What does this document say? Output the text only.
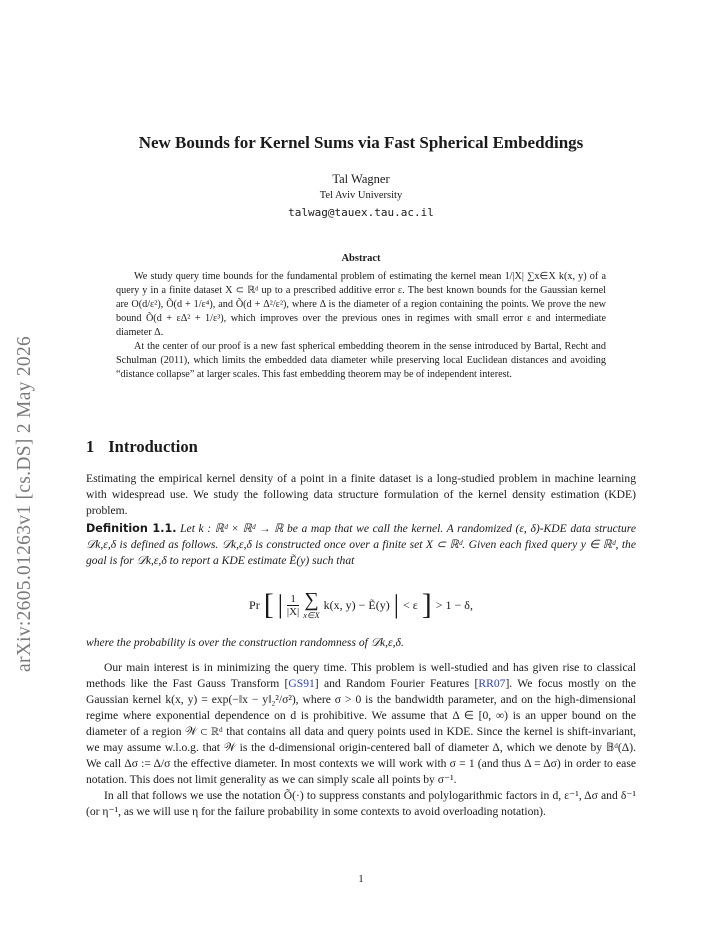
arXiv:2605.01263v1 [cs.DS] 2 May 2026
New Bounds for Kernel Sums via Fast Spherical Embeddings
Tal Wagner
Tel Aviv University
talwag@tauex.tau.ac.il
Abstract

We study query time bounds for the fundamental problem of estimating the kernel mean 1/|X| ∑x∈X k(x, y) of a query y in a finite dataset X ⊂ ℝᵈ up to a prescribed additive error ε. The best known bounds for the Gaussian kernel are O(d/ε²), Õ(d + 1/ε⁴), and Õ(d + Δ²/ε²), where Δ is the diameter of a region containing the points. We prove the new bound Õ(d + εΔ² + 1/ε³), which improves over the previous ones in regimes with small error ε and intermediate diameter Δ.

At the center of our proof is a new fast spherical embedding theorem in the sense introduced by Bartal, Recht and Schulman (2011), which limits the embedded data diameter while preserving local Euclidean distances and avoiding “distance collapse” at larger scales. This fast embedding theorem may be of independent interest.

1 Introduction
Estimating the empirical kernel density of a point in a finite dataset is a long-studied problem in machine learning with widespread use. We study the following data structure formulation of the kernel density estimation (KDE) problem.
Definition 1.1. Let k : ℝᵈ × ℝᵈ → ℝ be a map that we call the kernel. A randomized (ε, δ)-KDE data structure 𝒟k,ε,δ is defined as follows. 𝒟k,ε,δ is constructed once over a finite set X ⊂ ℝᵈ. Given each fixed query y ∈ ℝᵈ, the goal is for 𝒟k,ε,δ to report a KDE estimate Ẽ(y) such that
Pr [ | $\frac{1}{|X|}$ ∑
x∈X
k(x, y) − Ẽ(y) | < ε ] > 1 − δ,
where the probability is over the construction randomness of 𝒟k,ε,δ.

Our main interest is in minimizing the query time. This problem is well-studied and has given rise to classical methods like the Fast Gauss Transform [GS91] and Random Fourier Features [RR07]. We focus mostly on the Gaussian kernel k(x, y) = exp(−‖x − y‖₂²/σ²), where σ > 0 is the bandwidth parameter, and on the high-dimensional regime where exponential dependence on d is prohibitive. We assume that Δ ∈ [0, ∞) is an upper bound on the diameter of a region 𝒲 ⊂ ℝᵈ that contains all data and query points used in KDE. Since the kernel is shift-invariant, we may assume w.l.o.g. that 𝒲 is the d-dimensional origin-centered ball of diameter Δ, which we denote by 𝔹ᵈ(Δ). We call Δσ := Δ/σ the effective diameter. In most contexts we will work with σ = 1 (and thus Δ = Δσ) in order to ease notation. This does not limit generality as we can simply scale all points by σ⁻¹.

In all that follows we use the notation Õ(·) to suppress constants and polylogarithmic factors in d, ε⁻¹, Δσ and δ⁻¹ (or η⁻¹, as we will use η for the failure probability in some contexts to avoid overloading notation).

1
